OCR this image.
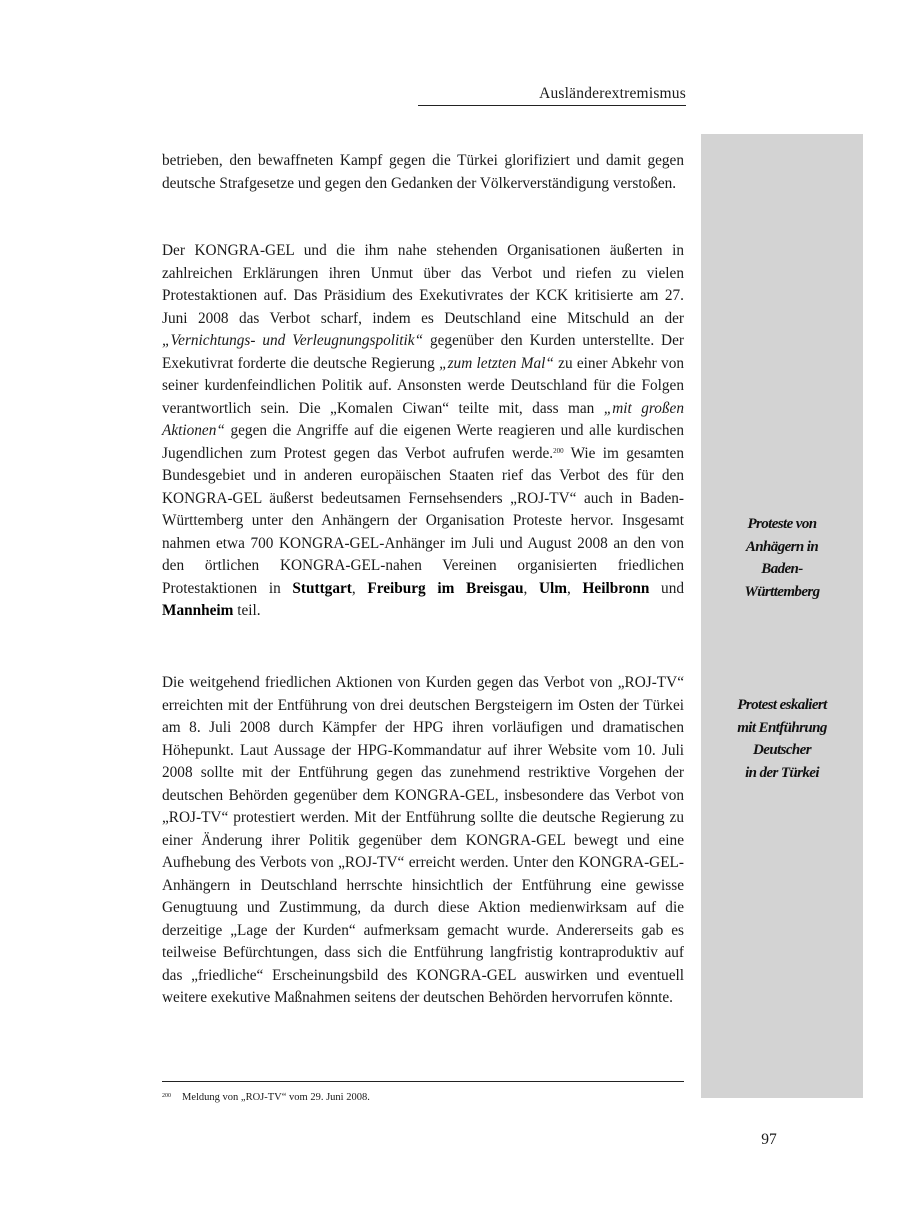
Ausländerextremismus
Proteste von
Anhägern in
Baden-
Württemberg
Protest eskaliert
mit Entführung
Deutscher
in der Türkei
betrieben, den bewaffneten Kampf gegen die Türkei glorifiziert und damit gegen deutsche Strafgesetze und gegen den Gedanken der Völkerverständigung verstoßen.
Der KONGRA-GEL und die ihm nahe stehenden Organisationen äußerten in zahlreichen Erklärungen ihren Unmut über das Verbot und riefen zu vielen Protestaktionen auf. Das Präsidium des Exekutivrates der KCK kritisierte am 27. Juni 2008 das Verbot scharf, indem es Deutschland eine Mitschuld an der „Vernichtungs- und Verleugnungspolitik“ gegenüber den Kurden unterstellte. Der Exekutivrat forderte die deutsche Regierung „zum letzten Mal“ zu einer Abkehr von seiner kurdenfeindlichen Politik auf. Ansonsten werde Deutschland für die Folgen verantwortlich sein. Die „Komalen Ciwan“ teilte mit, dass man „mit großen Aktionen“ gegen die Angriffe auf die eigenen Werte reagieren und alle kurdischen Jugendlichen zum Protest gegen das Verbot aufrufen werde.$^{200}$ Wie im gesamten Bundesgebiet und in anderen europäischen Staaten rief das Verbot des für den KONGRA-GEL äußerst bedeutsamen Fernsehsenders „ROJ-TV“ auch in Baden-Württemberg unter den Anhängern der Organisation Proteste hervor. Insgesamt nahmen etwa 700 KONGRA-GEL-Anhänger im Juli und August 2008 an den von den örtlichen KONGRA-GEL-nahen Vereinen organisierten friedlichen Protestaktionen in Stuttgart, Freiburg im Breisgau, Ulm, Heilbronn und Mannheim teil.
Die weitgehend friedlichen Aktionen von Kurden gegen das Verbot von „ROJ-TV“ erreichten mit der Entführung von drei deutschen Bergsteigern im Osten der Türkei am 8. Juli 2008 durch Kämpfer der HPG ihren vorläufigen und dramatischen Höhepunkt. Laut Aussage der HPG-Kommandatur auf ihrer Website vom 10. Juli 2008 sollte mit der Entführung gegen das zunehmend restriktive Vorgehen der deutschen Behörden gegenüber dem KONGRA-GEL, insbesondere das Verbot von „ROJ-TV“ protestiert werden. Mit der Entführung sollte die deutsche Regierung zu einer Änderung ihrer Politik gegenüber dem KONGRA-GEL bewegt und eine Aufhebung des Verbots von „ROJ-TV“ erreicht werden. Unter den KONGRA-GEL-Anhängern in Deutschland herrschte hinsichtlich der Entführung eine gewisse Genugtuung und Zustimmung, da durch diese Aktion medienwirksam auf die derzeitige „Lage der Kurden“ aufmerksam gemacht wurde. Andererseits gab es teilweise Befürchtungen, dass sich die Entführung langfristig kontraproduktiv auf das „friedliche“ Erscheinungsbild des KONGRA-GEL auswirken und eventuell weitere exekutive Maßnahmen seitens der deutschen Behörden hervorrufen könnte.
200 Meldung von „ROJ-TV“ vom 29. Juni 2008.
97
